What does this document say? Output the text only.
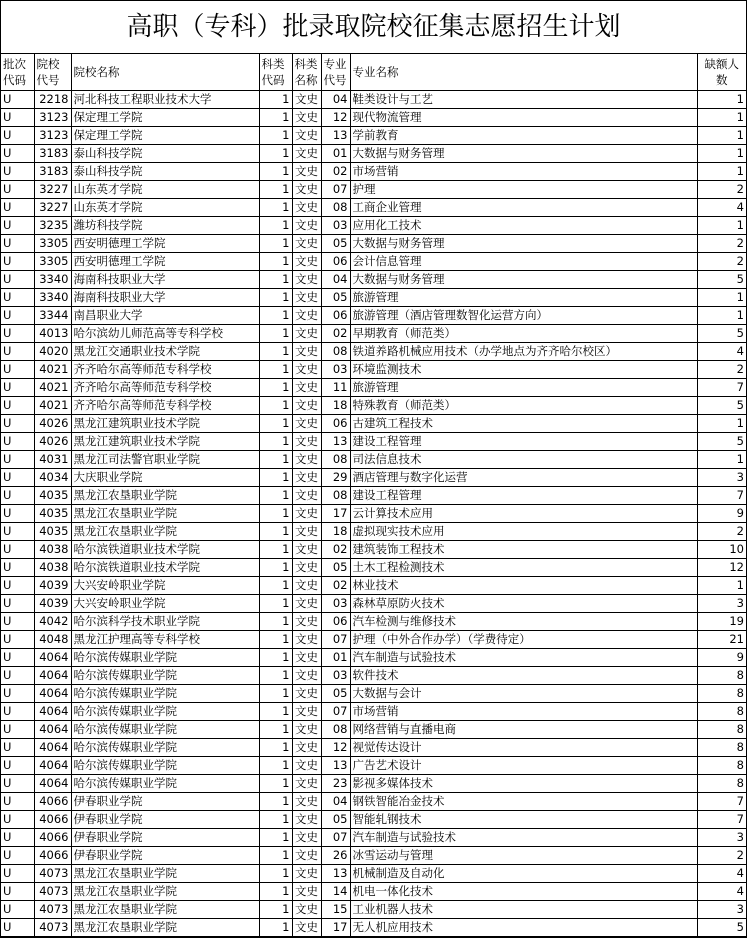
高职（专科）批录取院校征集志愿招生计划
批次代码	院校代号	院校名称	科类代码	科类名称	专业代号	专业名称	缺额人数
U	2218	河北科技工程职业技术大学	1	文史	04	鞋类设计与工艺	1
U	3123	保定理工学院	1	文史	12	现代物流管理	1
U	3123	保定理工学院	1	文史	13	学前教育	1
U	3183	泰山科技学院	1	文史	01	大数据与财务管理	1
U	3183	泰山科技学院	1	文史	02	市场营销	1
U	3227	山东英才学院	1	文史	07	护理	2
U	3227	山东英才学院	1	文史	08	工商企业管理	4
U	3235	潍坊科技学院	1	文史	03	应用化工技术	1
U	3305	西安明德理工学院	1	文史	05	大数据与财务管理	2
U	3305	西安明德理工学院	1	文史	06	会计信息管理	2
U	3340	海南科技职业大学	1	文史	04	大数据与财务管理	5
U	3340	海南科技职业大学	1	文史	05	旅游管理	1
U	3344	南昌职业大学	1	文史	06	旅游管理（酒店管理数智化运营方向）	1
U	4013	哈尔滨幼儿师范高等专科学校	1	文史	02	早期教育（师范类）	5
U	4020	黑龙江交通职业技术学院	1	文史	08	铁道养路机械应用技术（办学地点为齐齐哈尔校区）	4
U	4021	齐齐哈尔高等师范专科学校	1	文史	03	环境监测技术	2
U	4021	齐齐哈尔高等师范专科学校	1	文史	11	旅游管理	7
U	4021	齐齐哈尔高等师范专科学校	1	文史	18	特殊教育（师范类）	5
U	4026	黑龙江建筑职业技术学院	1	文史	06	古建筑工程技术	1
U	4026	黑龙江建筑职业技术学院	1	文史	13	建设工程管理	5
U	4031	黑龙江司法警官职业学院	1	文史	08	司法信息技术	1
U	4034	大庆职业学院	1	文史	29	酒店管理与数字化运营	3
U	4035	黑龙江农垦职业学院	1	文史	08	建设工程管理	7
U	4035	黑龙江农垦职业学院	1	文史	17	云计算技术应用	9
U	4035	黑龙江农垦职业学院	1	文史	18	虚拟现实技术应用	2
U	4038	哈尔滨铁道职业技术学院	1	文史	02	建筑装饰工程技术	10
U	4038	哈尔滨铁道职业技术学院	1	文史	05	土木工程检测技术	12
U	4039	大兴安岭职业学院	1	文史	02	林业技术	1
U	4039	大兴安岭职业学院	1	文史	03	森林草原防火技术	3
U	4042	哈尔滨科学技术职业学院	1	文史	06	汽车检测与维修技术	19
U	4048	黑龙江护理高等专科学校	1	文史	07	护理（中外合作办学）（学费待定）	21
U	4064	哈尔滨传媒职业学院	1	文史	01	汽车制造与试验技术	9
U	4064	哈尔滨传媒职业学院	1	文史	03	软件技术	8
U	4064	哈尔滨传媒职业学院	1	文史	05	大数据与会计	8
U	4064	哈尔滨传媒职业学院	1	文史	07	市场营销	8
U	4064	哈尔滨传媒职业学院	1	文史	08	网络营销与直播电商	8
U	4064	哈尔滨传媒职业学院	1	文史	12	视觉传达设计	8
U	4064	哈尔滨传媒职业学院	1	文史	13	广告艺术设计	8
U	4064	哈尔滨传媒职业学院	1	文史	23	影视多媒体技术	8
U	4066	伊春职业学院	1	文史	04	钢铁智能冶金技术	7
U	4066	伊春职业学院	1	文史	05	智能轧钢技术	7
U	4066	伊春职业学院	1	文史	07	汽车制造与试验技术	3
U	4066	伊春职业学院	1	文史	26	冰雪运动与管理	2
U	4073	黑龙江农垦职业学院	1	文史	13	机械制造及自动化	4
U	4073	黑龙江农垦职业学院	1	文史	14	机电一体化技术	4
U	4073	黑龙江农垦职业学院	1	文史	15	工业机器人技术	3
U	4073	黑龙江农垦职业学院	1	文史	17	无人机应用技术	5
